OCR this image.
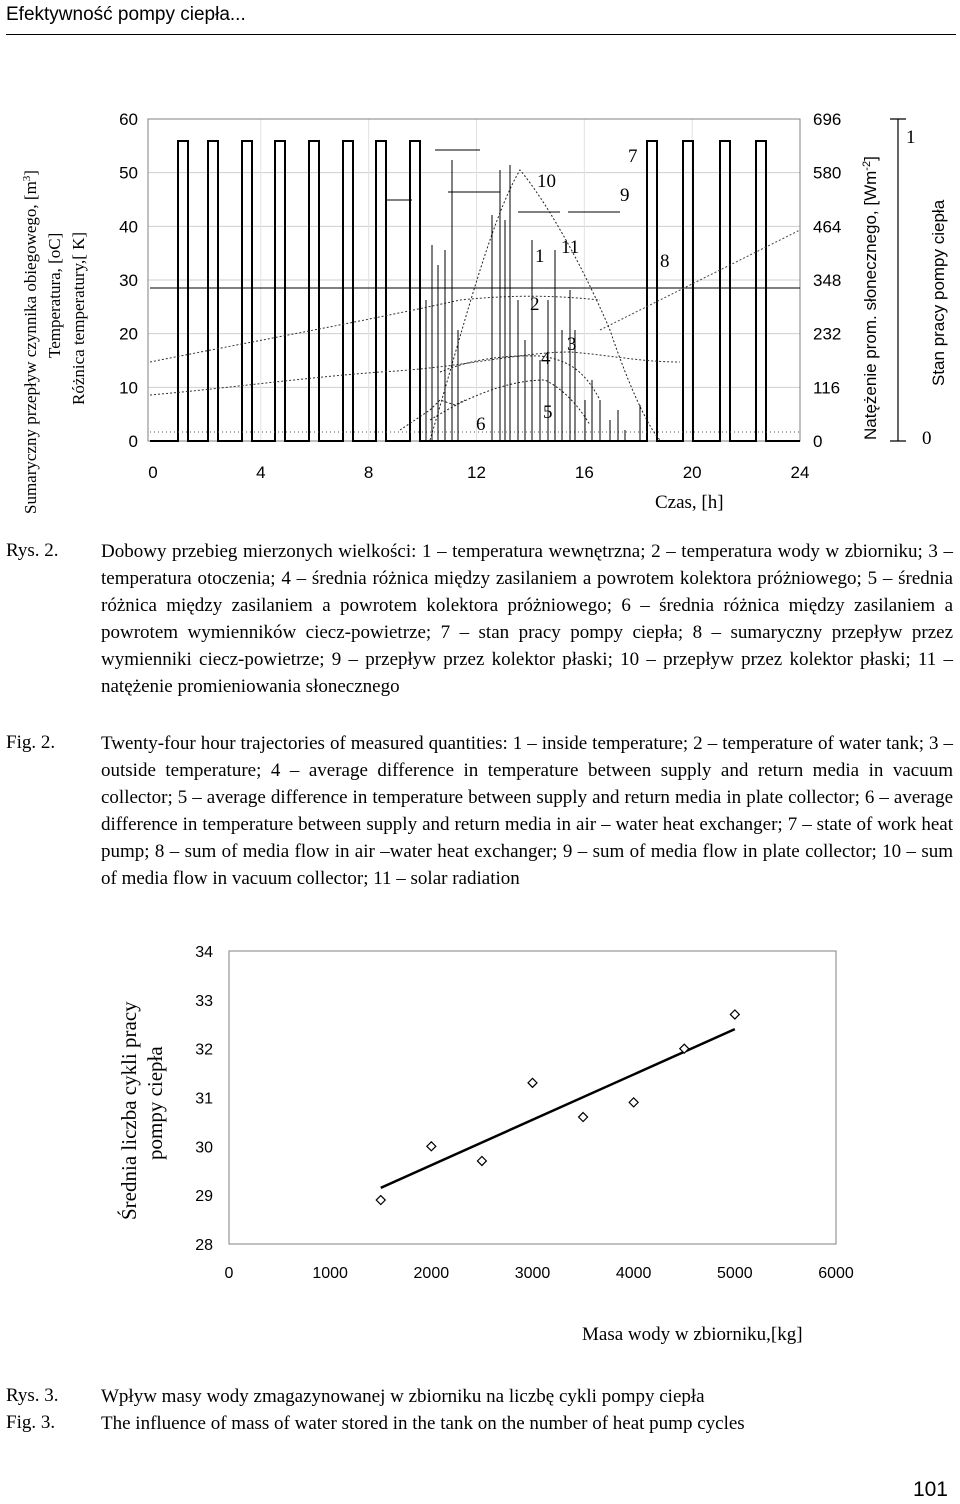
Efektywność pompy ciepła...
Sumaryczny przepływ czynnika obiegowego, $[m^3]$
Temperatura, [oC] Różnica temperatury,[ K]
0
10
20
30
40
50
60
0
116
232
348
464
580
696
0	4	8	12	16	20	24
1
2
3
4
5
6
7
8
9
10
11	Natężenie prom. słonecznego, $[Wm^{-2}]$
1
0
Stan pracy pompy ciepła
Czas, [h]
Rys. 2. Dobowy przebieg mierzonych wielkości: 1 – temperatura wewnętrzna; 2 – temperatura wody w zbiorniku; 3 – temperatura otoczenia; 4 – średnia różnica między zasilaniem a powrotem kolektora próżniowego; 5 – średnia różnica między zasilaniem a powrotem kolektora próżniowego; 6 – średnia różnica między zasilaniem a powrotem wymienników ciecz-powietrze; 7 – stan pracy pompy ciepła; 8 – sumaryczny przepływ przez wymienniki ciecz-powietrze; 9 – przepływ przez kolektor płaski; 10 – przepływ przez kolektor płaski; 11 – natężenie promieniowania słonecznego
Fig. 2. Twenty-four hour trajectories of measured quantities: 1 – inside temperature; 2 – temperature of water tank; 3 – outside temperature; 4 – average difference in temperature between supply and return media in vacuum collector; 5 – average difference in temperature between supply and return media in plate collector; 6 – average difference in temperature between supply and return media in air – water heat exchanger; 7 – state of work heat pump; 8 – sum of media flow in air –water heat exchanger; 9 – sum of media flow in plate collector; 10 – sum of media flow in vacuum collector; 11 – solar radiation
Średnia liczba cykli pracy pompy ciepła
28
29
30
31
32
33
34
0	1000	2000	3000	4000	5000	6000
Masa wody w zbiorniku,[kg]
Rys. 3. Wpływ masy wody zmagazynowanej w zbiorniku na liczbę cykli pompy ciepła
Fig. 3. The influence of mass of water stored in the tank on the number of heat pump cycles
101
